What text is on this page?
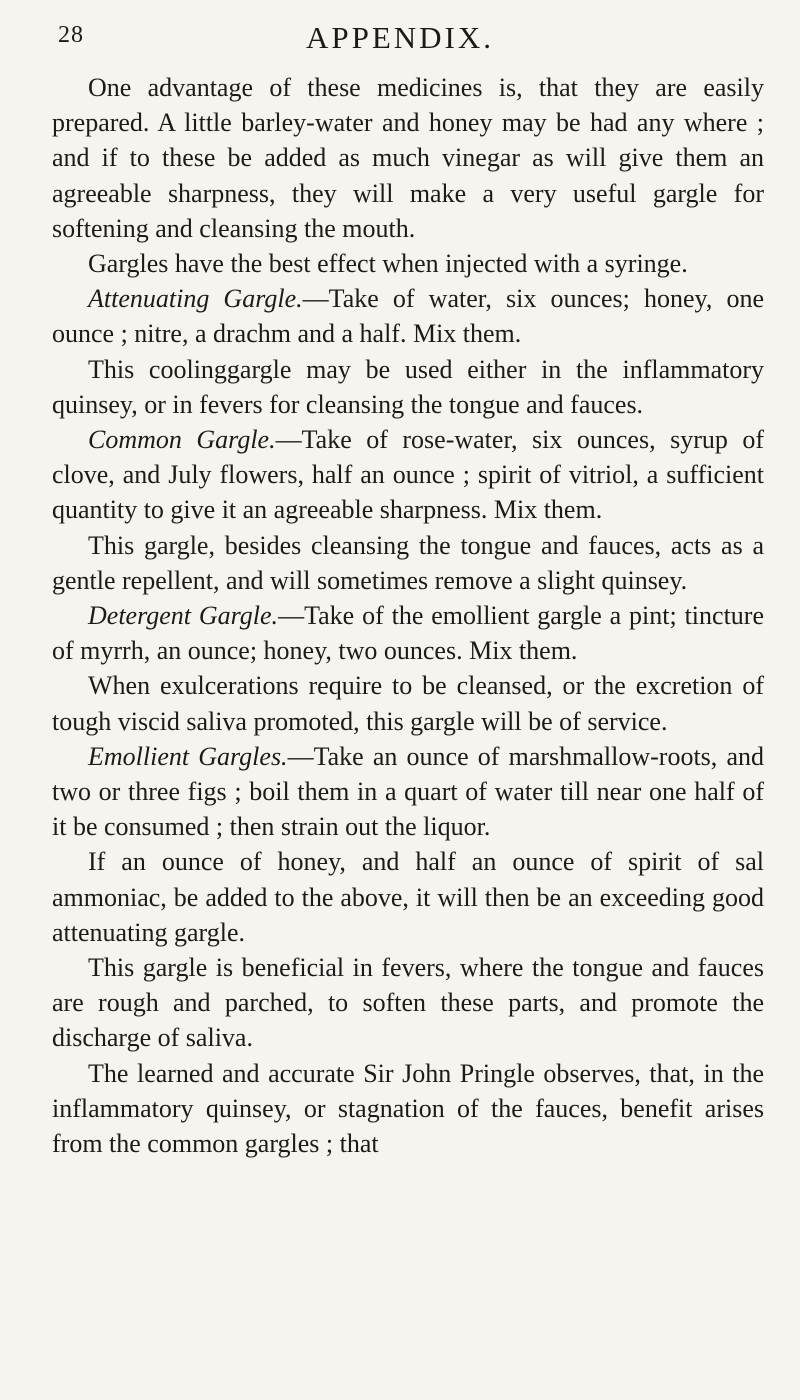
28	APPENDIX.

One advantage of these medicines is, that they are easily prepared. A little barley-water and honey may be had any where ; and if to these be added as much vinegar as will give them an agreeable sharpness, they will make a very useful gargle for softening and cleansing the mouth.

Gargles have the best effect when injected with a syringe.

Attenuating Gargle.—Take of water, six ounces; honey, one ounce ; nitre, a drachm and a half. Mix them.

This coolinggargle may be used either in the inflammatory quinsey, or in fevers for cleansing the tongue and fauces.

Common Gargle.—Take of rose-water, six ounces, syrup of clove, and July flowers, half an ounce ; spirit of vitriol, a sufficient quantity to give it an agreeable sharpness. Mix them.

This gargle, besides cleansing the tongue and fauces, acts as a gentle repellent, and will sometimes remove a slight quinsey.

Detergent Gargle.—Take of the emollient gargle a pint; tincture of myrrh, an ounce; honey, two ounces. Mix them.

When exulcerations require to be cleansed, or the excretion of tough viscid saliva promoted, this gargle will be of service.

Emollient Gargles.—Take an ounce of marshmallow-roots, and two or three figs ; boil them in a quart of water till near one half of it be consumed ; then strain out the liquor.

If an ounce of honey, and half an ounce of spirit of sal ammoniac, be added to the above, it will then be an exceeding good attenuating gargle.

This gargle is beneficial in fevers, where the tongue and fauces are rough and parched, to soften these parts, and promote the discharge of saliva.

The learned and accurate Sir John Pringle observes, that, in the inflammatory quinsey, or stagnation of the fauces, benefit arises from the common gargles ; that
